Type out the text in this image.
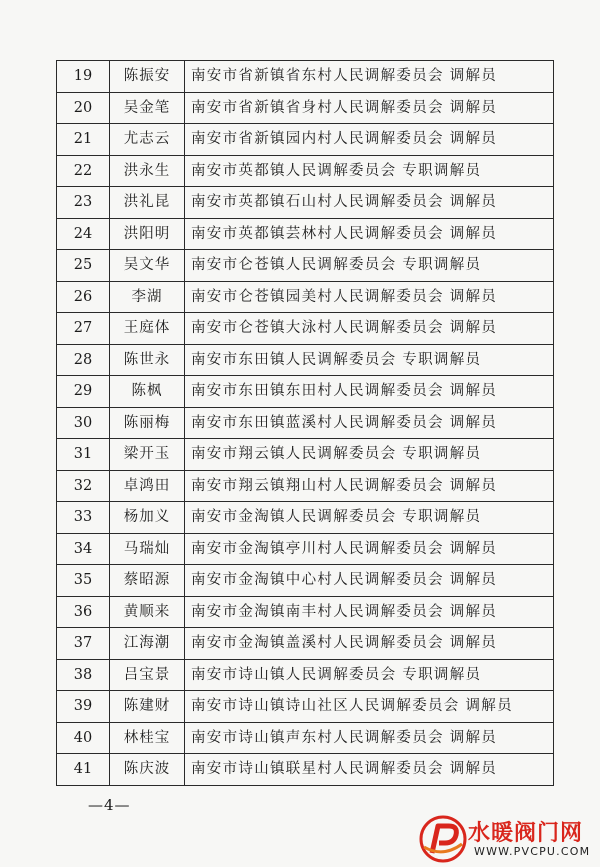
19	陈振安	南安市省新镇省东村人民调解委员会 调解员
20	吴金笔	南安市省新镇省身村人民调解委员会 调解员
21	尤志云	南安市省新镇园内村人民调解委员会 调解员
22	洪永生	南安市英都镇人民调解委员会 专职调解员
23	洪礼昆	南安市英都镇石山村人民调解委员会 调解员
24	洪阳明	南安市英都镇芸林村人民调解委员会 调解员
25	吴文华	南安市仑苍镇人民调解委员会 专职调解员
26	李湖	南安市仑苍镇园美村人民调解委员会 调解员
27	王庭体	南安市仑苍镇大泳村人民调解委员会 调解员
28	陈世永	南安市东田镇人民调解委员会 专职调解员
29	陈枫	南安市东田镇东田村人民调解委员会 调解员
30	陈丽梅	南安市东田镇蓝溪村人民调解委员会 调解员
31	梁开玉	南安市翔云镇人民调解委员会 专职调解员
32	卓鸿田	南安市翔云镇翔山村人民调解委员会 调解员
33	杨加义	南安市金淘镇人民调解委员会 专职调解员
34	马瑞灿	南安市金淘镇亭川村人民调解委员会 调解员
35	蔡昭源	南安市金淘镇中心村人民调解委员会 调解员
36	黄顺来	南安市金淘镇南丰村人民调解委员会 调解员
37	江海潮	南安市金淘镇盖溪村人民调解委员会 调解员
38	吕宝景	南安市诗山镇人民调解委员会 专职调解员
39	陈建财	南安市诗山镇诗山社区人民调解委员会 调解员
40	林桂宝	南安市诗山镇声东村人民调解委员会 调解员
41	陈庆波	南安市诗山镇联星村人民调解委员会 调解员
—4—
水暖阀门网
WWW.PVCPU.COM
